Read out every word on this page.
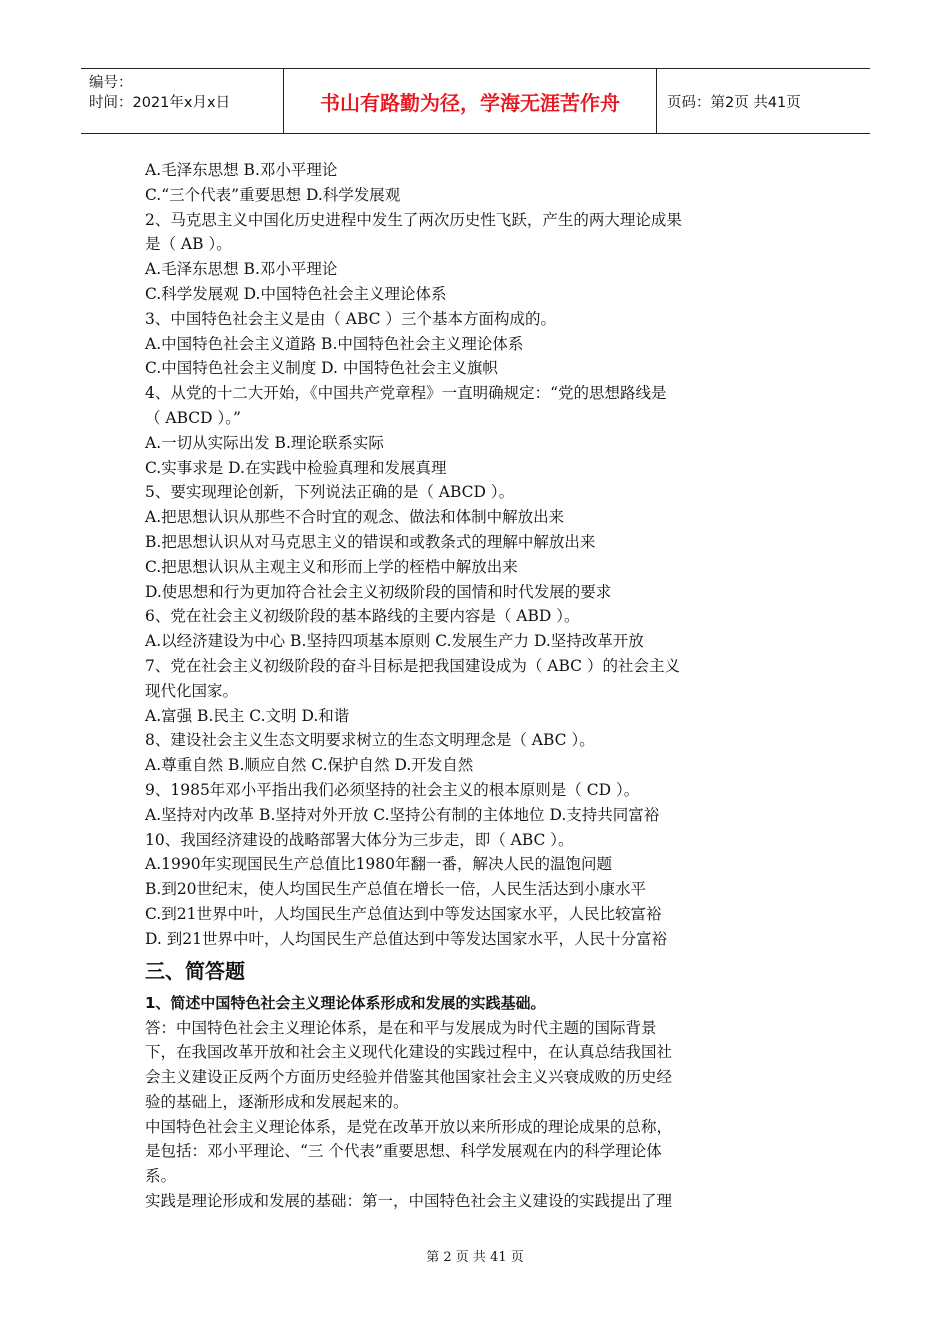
编号：
时间：2021年x月x日	书山有路勤为径，学海无涯苦作舟	页码：第2页 共41页
A.毛泽东思想 B.邓小平理论
C.“三个代表”重要思想 D.科学发展观
2、马克思主义中国化历史进程中发生了两次历史性飞跃，产生的两大理论成果
是（ AB ）。
A.毛泽东思想 B.邓小平理论
C.科学发展观 D.中国特色社会主义理论体系
3、中国特色社会主义是由（ ABC ）三个基本方面构成的。
A.中国特色社会主义道路 B.中国特色社会主义理论体系
C.中国特色社会主义制度 D. 中国特色社会主义旗帜
4、从党的十二大开始，《中国共产党章程》一直明确规定：“党的思想路线是
（ ABCD ）。”
A.一切从实际出发 B.理论联系实际
C.实事求是 D.在实践中检验真理和发展真理
5、要实现理论创新，下列说法正确的是（ ABCD ）。
A.把思想认识从那些不合时宜的观念、做法和体制中解放出来
B.把思想认识从对马克思主义的错误和或教条式的理解中解放出来
C.把思想认识从主观主义和形而上学的桎梏中解放出来
D.使思想和行为更加符合社会主义初级阶段的国情和时代发展的要求
6、党在社会主义初级阶段的基本路线的主要内容是（ ABD ）。
A.以经济建设为中心 B.坚持四项基本原则 C.发展生产力 D.坚持改革开放
7、党在社会主义初级阶段的奋斗目标是把我国建设成为（ ABC ）的社会主义
现代化国家。
A.富强 B.民主 C.文明 D.和谐
8、建设社会主义生态文明要求树立的生态文明理念是（ ABC ）。
A.尊重自然 B.顺应自然 C.保护自然 D.开发自然
9、1985年邓小平指出我们必须坚持的社会主义的根本原则是（ CD ）。
A.坚持对内改革 B.坚持对外开放 C.坚持公有制的主体地位 D.支持共同富裕
10、我国经济建设的战略部署大体分为三步走，即（ ABC ）。
A.1990年实现国民生产总值比1980年翻一番，解决人民的温饱问题
B.到20世纪末，使人均国民生产总值在增长一倍，人民生活达到小康水平
C.到21世界中叶，人均国民生产总值达到中等发达国家水平，人民比较富裕
D. 到21世界中叶，人均国民生产总值达到中等发达国家水平，人民十分富裕
三、简答题
1、简述中国特色社会主义理论体系形成和发展的实践基础。
答：中国特色社会主义理论体系，是在和平与发展成为时代主题的国际背景
下，在我国改革开放和社会主义现代化建设的实践过程中，在认真总结我国社
会主义建设正反两个方面历史经验并借鉴其他国家社会主义兴衰成败的历史经
验的基础上，逐渐形成和发展起来的。
中国特色社会主义理论体系，是党在改革开放以来所形成的理论成果的总称，
是包括：邓小平理论、“三 个代表”重要思想、科学发展观在内的科学理论体
系。
实践是理论形成和发展的基础：第一，中国特色社会主义建设的实践提出了理
第 2 页 共 41 页
